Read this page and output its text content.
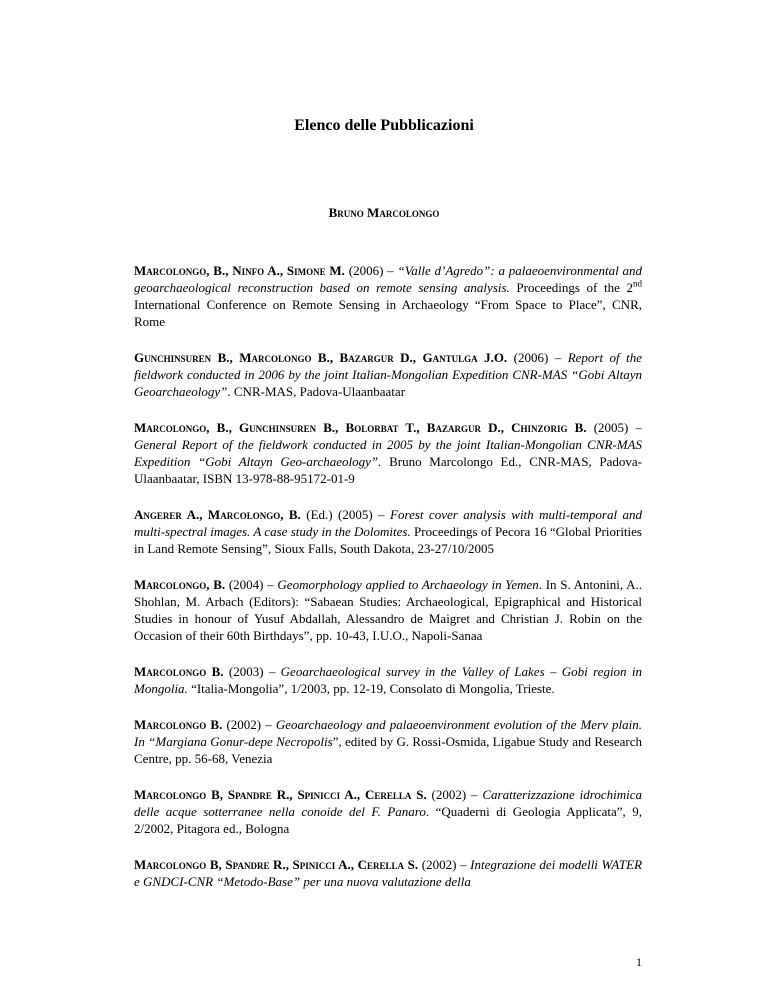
Elenco delle Pubblicazioni
Bruno Marcolongo
Marcolongo, B., Ninfo A., Simone M. (2006) – “Valle d’Agredo”: a palaeoenvironmental and geoarchaeological reconstruction based on remote sensing analysis. Proceedings of the 2nd International Conference on Remote Sensing in Archaeology “From Space to Place”, CNR, Rome
Gunchinsuren B., Marcolongo B., Bazargur D., Gantulga J.O. (2006) – Report of the fieldwork conducted in 2006 by the joint Italian-Mongolian Expedition CNR-MAS “Gobi Altayn Geoarchaeology”. CNR-MAS, Padova-Ulaanbaatar
Marcolongo, B., Gunchinsuren B., Bolorbat T., Bazargur D., Chinzorig B. (2005) – General Report of the fieldwork conducted in 2005 by the joint Italian-Mongolian CNR-MAS Expedition “Gobi Altayn Geo-archaeology”. Bruno Marcolongo Ed., CNR-MAS, Padova-Ulaanbaatar, ISBN 13-978-88-95172-01-9
Angerer A., Marcolongo, B. (Ed.) (2005) – Forest cover analysis with multi-temporal and multi-spectral images. A case study in the Dolomites. Proceedings of Pecora 16 “Global Priorities in Land Remote Sensing”, Sioux Falls, South Dakota, 23-27/10/2005
Marcolongo, B. (2004) – Geomorphology applied to Archaeology in Yemen. In S. Antonini, A.. Shohlan, M. Arbach (Editors): “Sabaean Studies: Archaeological, Epigraphical and Historical Studies in honour of Yusuf Abdallah, Alessandro de Maigret and Christian J. Robin on the Occasion of their 60th Birthdays”, pp. 10-43, I.U.O., Napoli-Sanaa
Marcolongo B. (2003) – Geoarchaeological survey in the Valley of Lakes – Gobi region in Mongolia. “Italia-Mongolia”, 1/2003, pp. 12-19, Consolato di Mongolia, Trieste.
Marcolongo B. (2002) – Geoarchaeology and palaeoenvironment evolution of the Merv plain. In “Margiana Gonur-depe Necropolis”, edited by G. Rossi-Osmida, Ligabue Study and Research Centre, pp. 56-68, Venezia
Marcolongo B, Spandre R., Spinicci A., Cerella S. (2002) – Caratterizzazione idrochimica delle acque sotterranee nella conoide del F. Panaro. “Quaderni di Geologia Applicata”, 9, 2/2002, Pitagora ed., Bologna
Marcolongo B, Spandre R., Spinicci A., Cerella S. (2002) – Integrazione dei modelli WATER e GNDCI-CNR “Metodo-Base” per una nuova valutazione della
1
